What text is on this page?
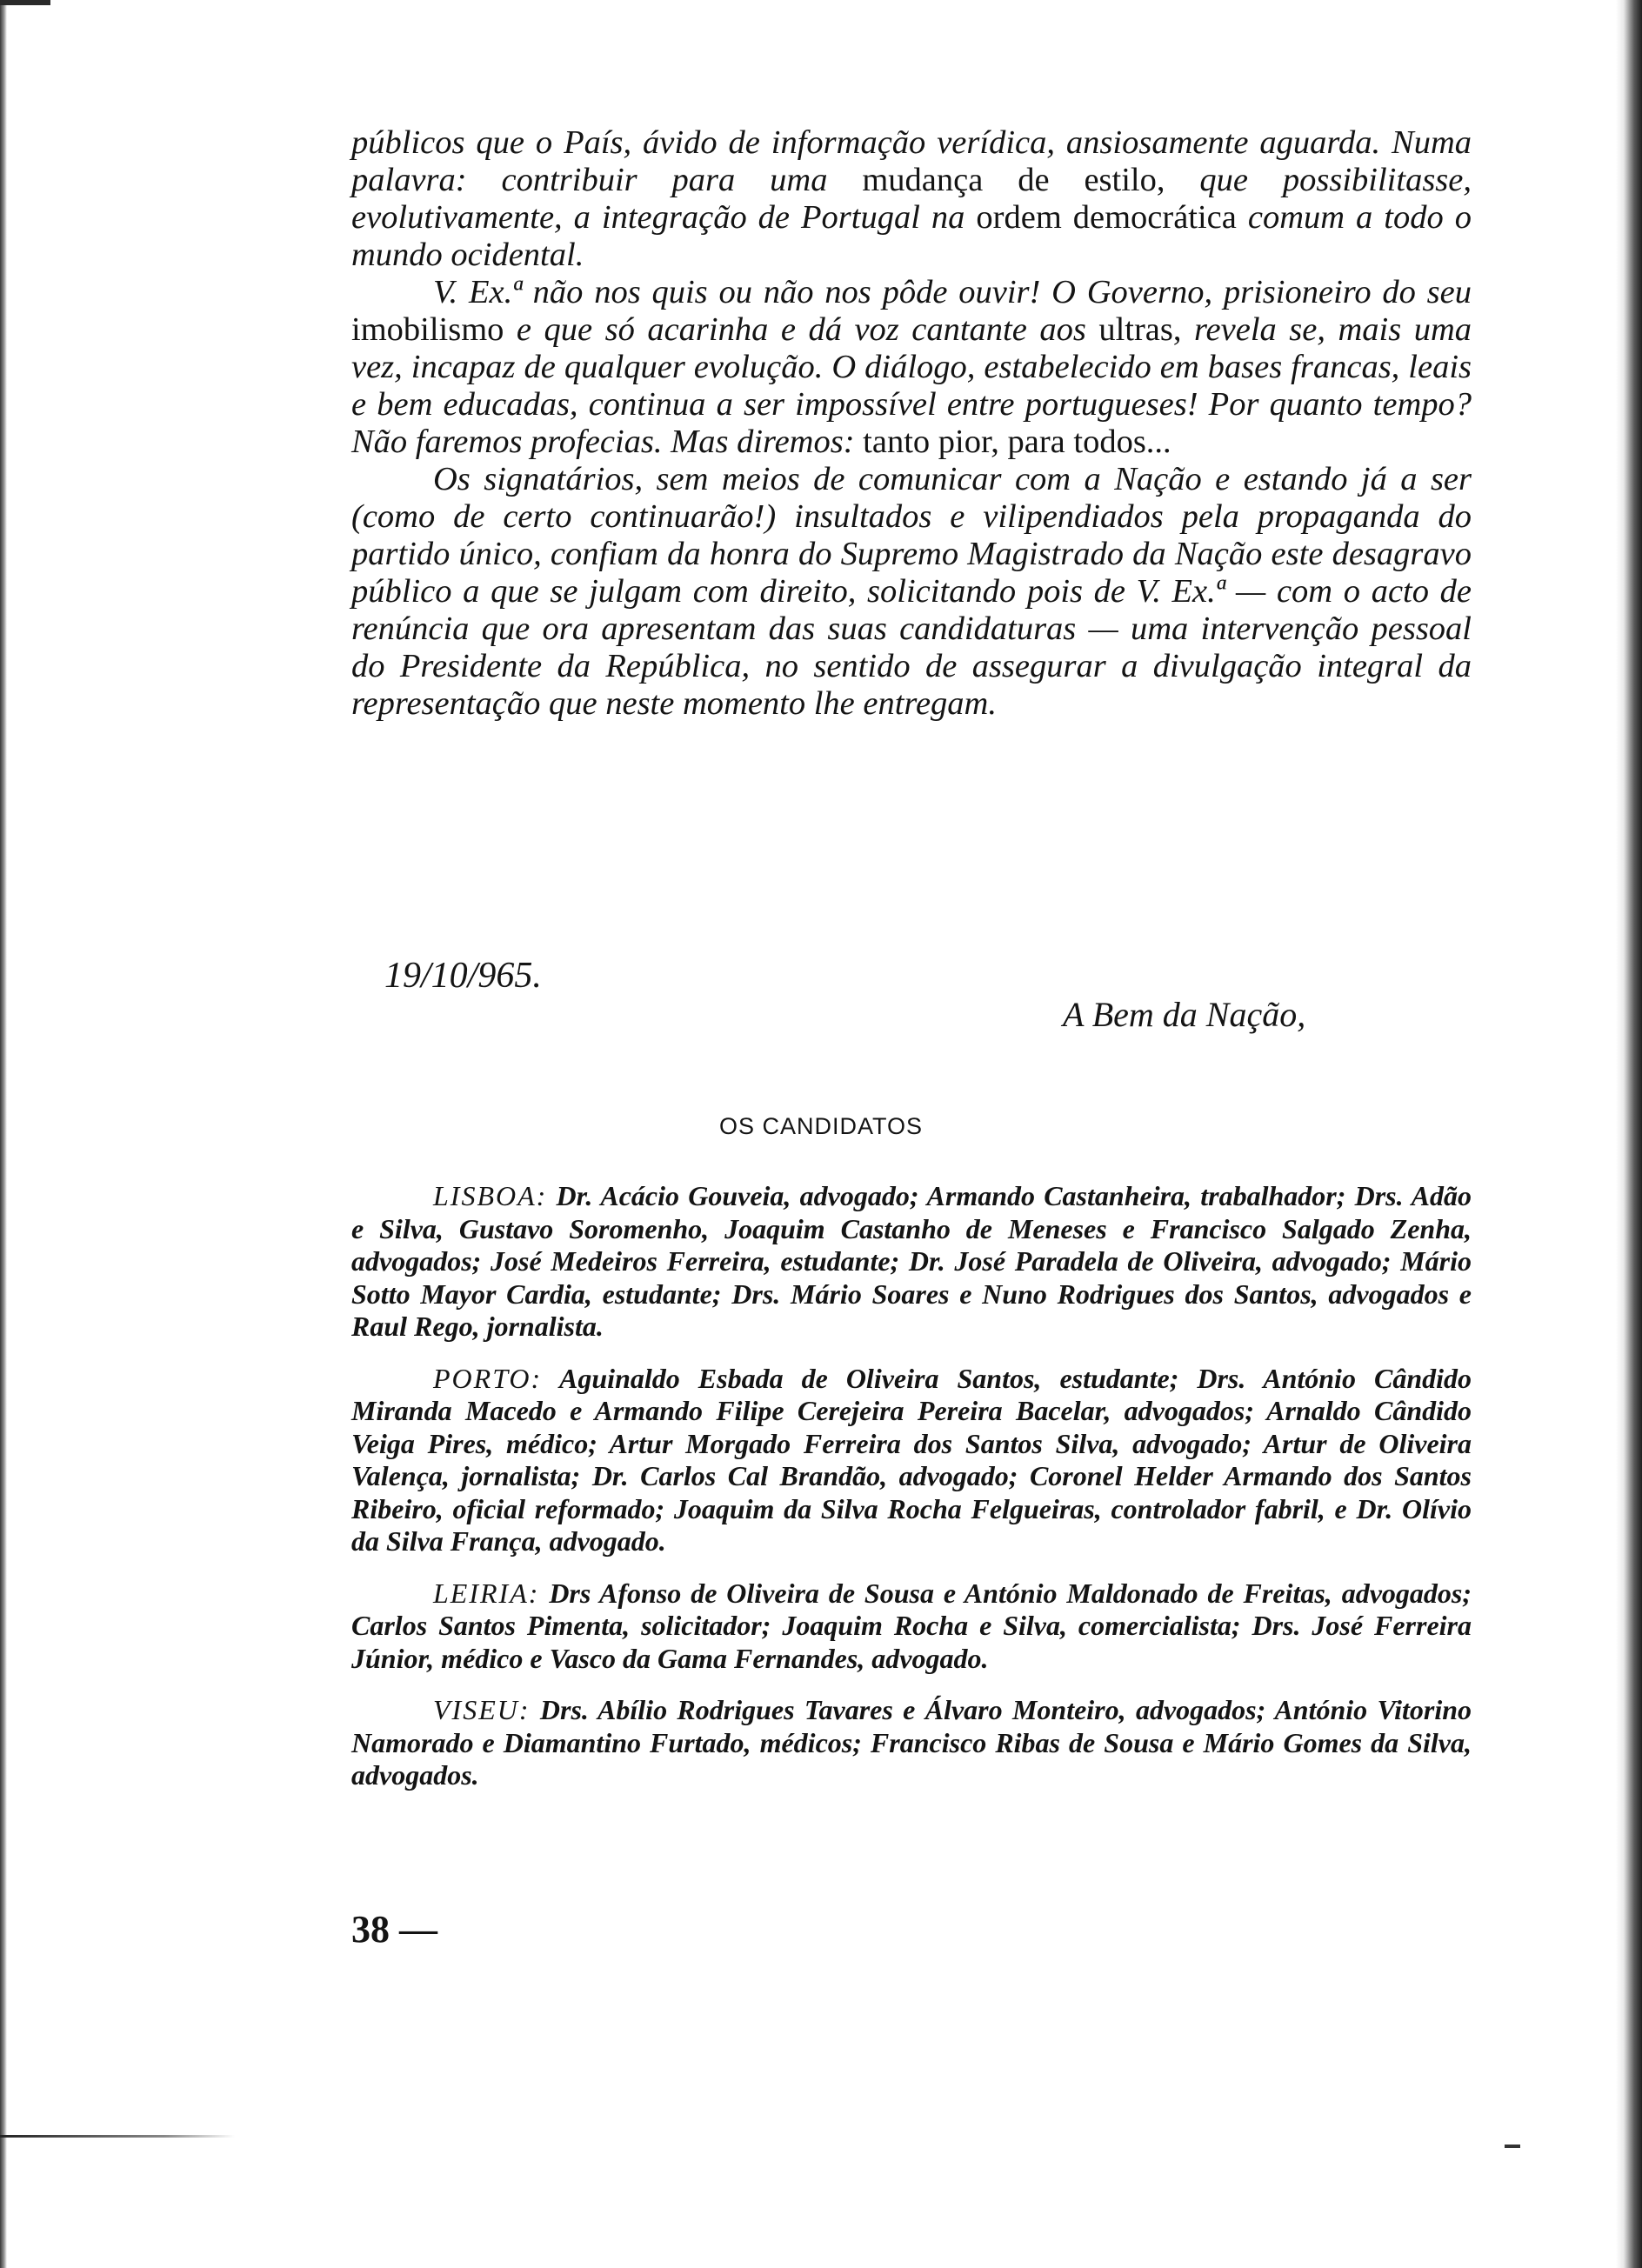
públicos que o País, ávido de informação verídica, ansiosamente aguarda. Numa palavra: contribuir para uma mudança de estilo, que possibilitasse, evolutivamente, a integração de Portugal na ordem democrática comum a todo o mundo ocidental.

V. Ex.ª não nos quis ou não nos pôde ouvir! O Governo, prisioneiro do seu imobilismo e que só acarinha e dá voz cantante aos ultras, revela se, mais uma vez, incapaz de qualquer evolução. O diálogo, estabelecido em bases francas, leais e bem educadas, continua a ser impossível entre portugueses! Por quanto tempo? Não faremos profecias. Mas diremos: tanto pior, para todos...

Os signatários, sem meios de comunicar com a Nação e estando já a ser (como de certo continuarão!) insultados e vilipendiados pela propaganda do partido único, confiam da honra do Supremo Magistrado da Nação este desagravo público a que se julgam com direito, solicitando pois de V. Ex.ª — com o acto de renúncia que ora apresentam das suas candidaturas — uma intervenção pessoal do Presidente da República, no sentido de assegurar a divulgação integral da representação que neste momento lhe entregam.

19/10/965.
A Bem da Nação,
OS CANDIDATOS

LISBOA: Dr. Acácio Gouveia, advogado; Armando Castanheira, trabalhador; Drs. Adão e Silva, Gustavo Soromenho, Joaquim Castanho de Meneses e Francisco Salgado Zenha, advogados; José Medeiros Ferreira, estudante; Dr. José Paradela de Oliveira, advogado; Mário Sotto Mayor Cardia, estudante; Drs. Mário Soares e Nuno Rodrigues dos Santos, advogados e Raul Rego, jornalista.

PORTO: Aguinaldo Esbada de Oliveira Santos, estudante; Drs. António Cândido Miranda Macedo e Armando Filipe Cerejeira Pereira Bacelar, advogados; Arnaldo Cândido Veiga Pires, médico; Artur Morgado Ferreira dos Santos Silva, advogado; Artur de Oliveira Valença, jornalista; Dr. Carlos Cal Brandão, advogado; Coronel Helder Armando dos Santos Ribeiro, oficial reformado; Joaquim da Silva Rocha Felgueiras, controlador fabril, e Dr. Olívio da Silva França, advogado.

LEIRIA: Drs Afonso de Oliveira de Sousa e António Maldonado de Freitas, advogados; Carlos Santos Pimenta, solicitador; Joaquim Rocha e Silva, comercialista; Drs. José Ferreira Júnior, médico e Vasco da Gama Fernandes, advogado.

VISEU: Drs. Abílio Rodrigues Tavares e Álvaro Monteiro, advogados; António Vitorino Namorado e Diamantino Furtado, médicos; Francisco Ribas de Sousa e Mário Gomes da Silva, advogados.

38 —
